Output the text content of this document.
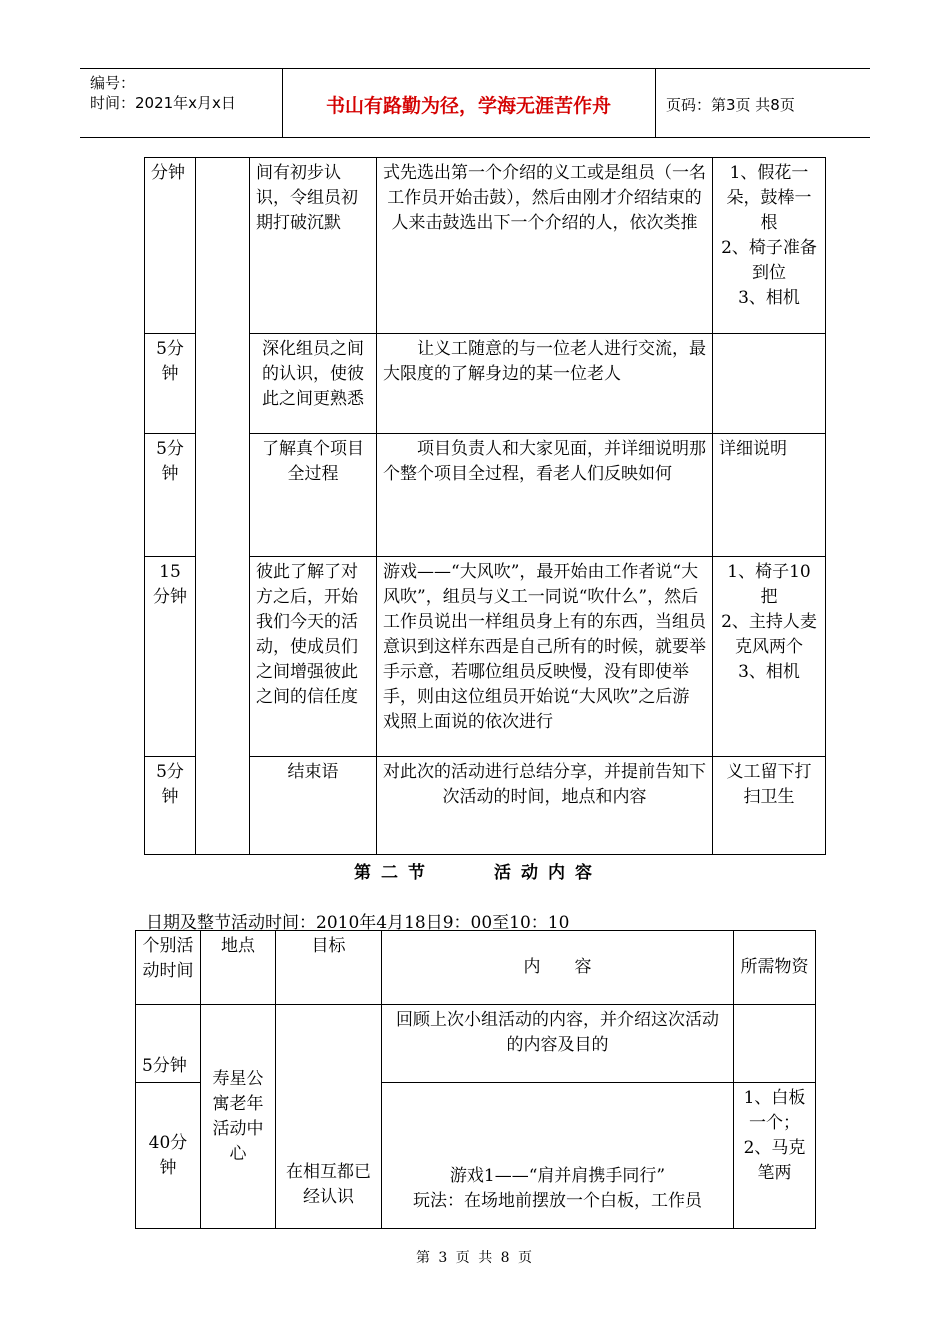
编号：
时间：2021年x月x日	书山有路勤为径，学海无涯苦作舟	页码：第3页 共8页
分钟		间有初步认识，令组员初期打破沉默	式先选出第一个介绍的义工或是组员（一名工作员开始击鼓），然后由刚才介绍结束的人来击鼓选出下一个介绍的人，依次类推	1、假花一朵，鼓棒一根
2、椅子准备到位
3、相机
5分钟		深化组员之间的认识，使彼此之间更熟悉	让义工随意的与一位老人进行交流，最大限度的了解身边的某一位老人	
5分钟		了解真个项目全过程	项目负责人和大家见面，并详细说明那个整个项目全过程，看老人们反映如何	详细说明
15分钟		彼此了解了对方之后，开始我们今天的活动，使成员们之间增强彼此之间的信任度	游戏——“大风吹”，最开始由工作者说“大风吹”，组员与义工一同说“吹什么”，然后工作员说出一样组员身上有的东西，当组员意识到这样东西是自己所有的时候，就要举手示意，若哪位组员反映慢，没有即使举手，则由这位组员开始说“大风吹”之后游戏照上面说的依次进行	1、椅子10把
2、主持人麦克风两个
3、相机
5分钟		结束语	对此次的活动进行总结分享，并提前告知下次活动的时间，地点和内容	义工留下打扫卫生
第二节	活动内容
日期及整节活动时间：2010年4月18日9：00至10：10
个别活动时间	地点	目标	内　　容	所需物资
5分钟	寿星公寓老年活动中心	在相互都已经认识	回顾上次小组活动的内容，并介绍这次活动的内容及目的	
40分钟			游戏1——“肩并肩携手同行”
玩法：在场地前摆放一个白板，工作员	1、白板一个；
2、马克笔两
第 3 页 共 8 页
